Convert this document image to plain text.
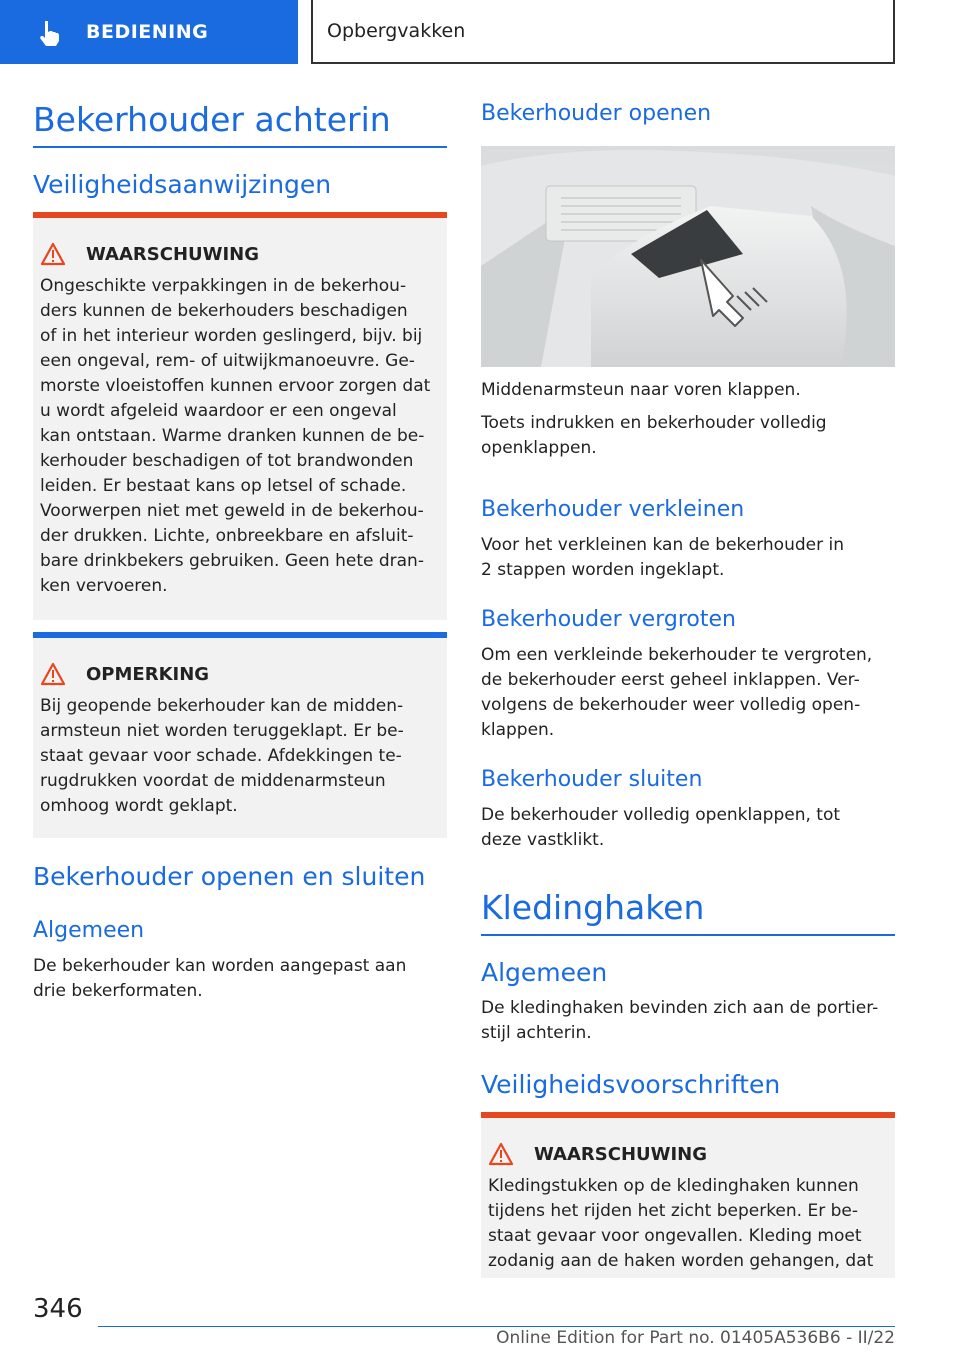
BEDIENING	Opbergvakken
Bekerhouder achterin
Veiligheidsaanwijzingen
WAARSCHUWING
Ongeschikte verpakkingen in de bekerhou-
ders kunnen de bekerhouders beschadigen
of in het interieur worden geslingerd, bijv. bij
een ongeval, rem- of uitwijkmanoeuvre. Ge-
morste vloeistoffen kunnen ervoor zorgen dat
u wordt afgeleid waardoor er een ongeval
kan ontstaan. Warme dranken kunnen de be-
kerhouder beschadigen of tot brandwonden
leiden. Er bestaat kans op letsel of schade.
Voorwerpen niet met geweld in de bekerhou-
der drukken. Lichte, onbreekbare en afsluit-
bare drinkbekers gebruiken. Geen hete dran-
ken vervoeren.
OPMERKING
Bij geopende bekerhouder kan de midden-
armsteun niet worden teruggeklapt. Er be-
staat gevaar voor schade. Afdekkingen te-
rugdrukken voordat de middenarmsteun
omhoog wordt geklapt.
Bekerhouder openen en sluiten
Algemeen
De bekerhouder kan worden aangepast aan
drie bekerformaten.
Bekerhouder openen
Middenarmsteun naar voren klappen.
Toets indrukken en bekerhouder volledig
openklappen.
Bekerhouder verkleinen
Voor het verkleinen kan de bekerhouder in
2 stappen worden ingeklapt.
Bekerhouder vergroten
Om een verkleinde bekerhouder te vergroten,
de bekerhouder eerst geheel inklappen. Ver-
volgens de bekerhouder weer volledig open-
klappen.
Bekerhouder sluiten
De bekerhouder volledig openklappen, tot
deze vastklikt.
Kledinghaken
Algemeen
De kledinghaken bevinden zich aan de portier-
stijl achterin.
Veiligheidsvoorschriften
WAARSCHUWING
Kledingstukken op de kledinghaken kunnen
tijdens het rijden het zicht beperken. Er be-
staat gevaar voor ongevallen. Kleding moet
zodanig aan de haken worden gehangen, dat
346
Online Edition for Part no. 01405A536B6 - II/22
